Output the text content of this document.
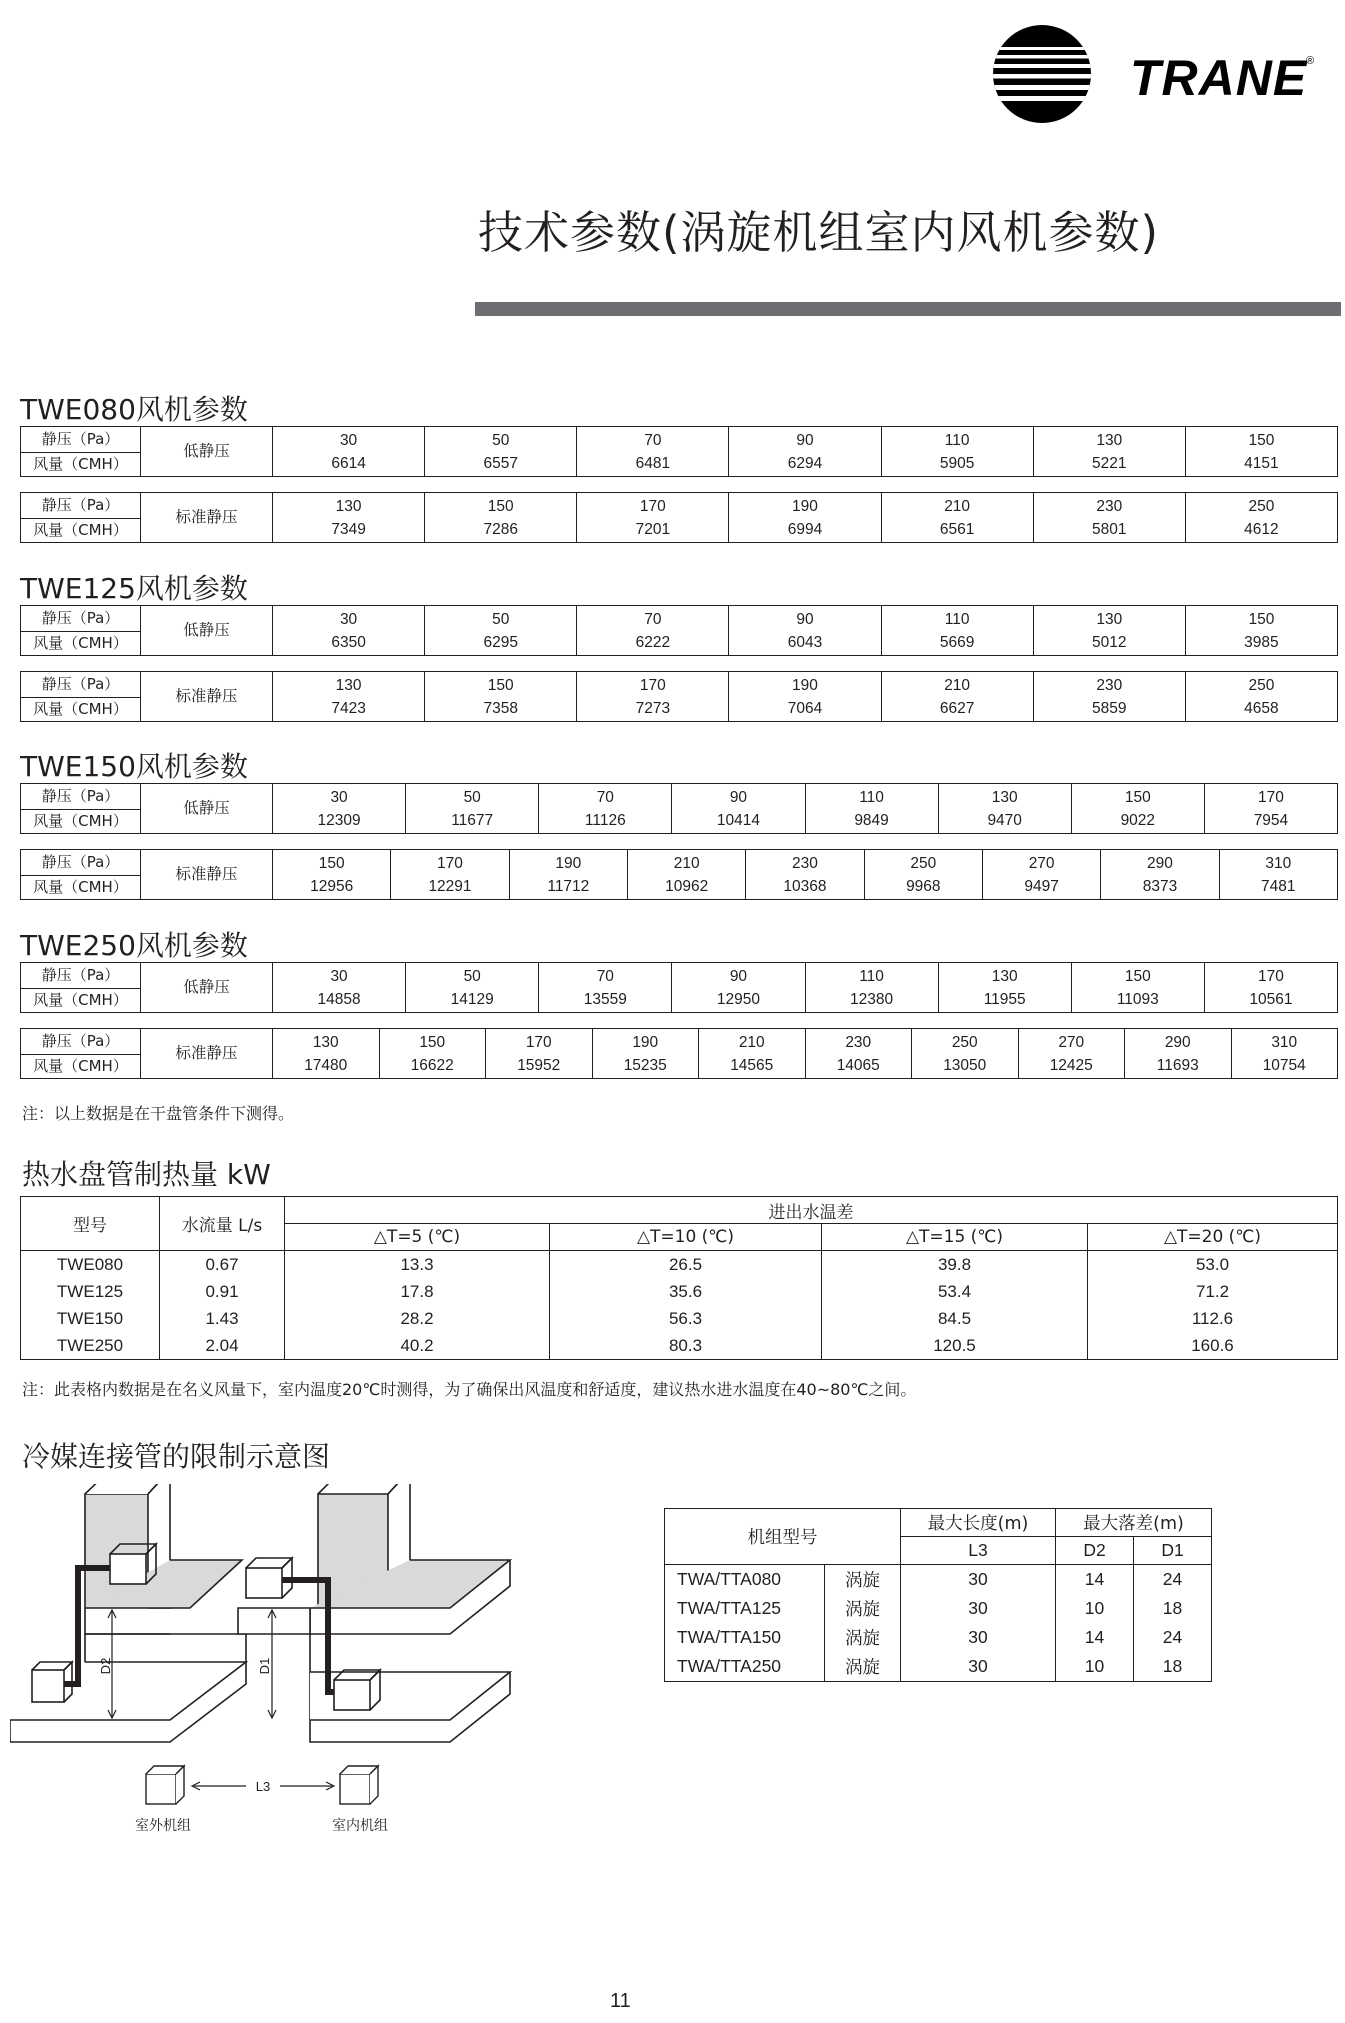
TRANE
®
技术参数(涡旋机组室内风机参数)
TWE080风机参数
静压（Pa）	低静压	30	50	70	90	110	130	150
风量（CMH）		6614	6557	6481	6294	5905	5221	4151
静压（Pa）	标准静压	130	150	170	190	210	230	250
风量（CMH）		7349	7286	7201	6994	6561	5801	4612
TWE125风机参数
静压（Pa）	低静压	30	50	70	90	110	130	150
风量（CMH）		6350	6295	6222	6043	5669	5012	3985
静压（Pa）	标准静压	130	150	170	190	210	230	250
风量（CMH）		7423	7358	7273	7064	6627	5859	4658
TWE150风机参数
静压（Pa）	低静压	30	50	70	90	110	130	150	170
风量（CMH）		12309	11677	11126	10414	9849	9470	9022	7954
静压（Pa）	标准静压	150	170	190	210	230	250	270	290	310
风量（CMH）		12956	12291	11712	10962	10368	9968	9497	8373	7481
TWE250风机参数
静压（Pa）	低静压	30	50	70	90	110	130	150	170
风量（CMH）		14858	14129	13559	12950	12380	11955	11093	10561
静压（Pa）	标准静压	130	150	170	190	210	230	250	270	290	310
风量（CMH）		17480	16622	15952	15235	14565	14065	13050	12425	11693	10754
注：以上数据是在干盘管条件下测得。
热水盘管制热量 kW
型号	水流量 L/s	进出水温差			
		△T=5 (℃)	△T=10 (℃)	△T=15 (℃)	△T=20 (℃)
TWE080	0.67	13.3	26.5	39.8	53.0
TWE125	0.91	17.8	35.6	53.4	71.2
TWE150	1.43	28.2	56.3	84.5	112.6
TWE250	2.04	40.2	80.3	120.5	160.6
注：此表格内数据是在名义风量下，室内温度20℃时测得，为了确保出风温度和舒适度，建议热水进水温度在40~80℃之间。
冷媒连接管的限制示意图
D2	D1
L3
室外机组	室内机组
机组型号		最大长度(m)	最大落差(m)	
		L3	D2	D1
TWA/TTA080	涡旋	30	14	24
TWA/TTA125	涡旋	30	10	18
TWA/TTA150	涡旋	30	14	24
TWA/TTA250	涡旋	30	10	18
11
